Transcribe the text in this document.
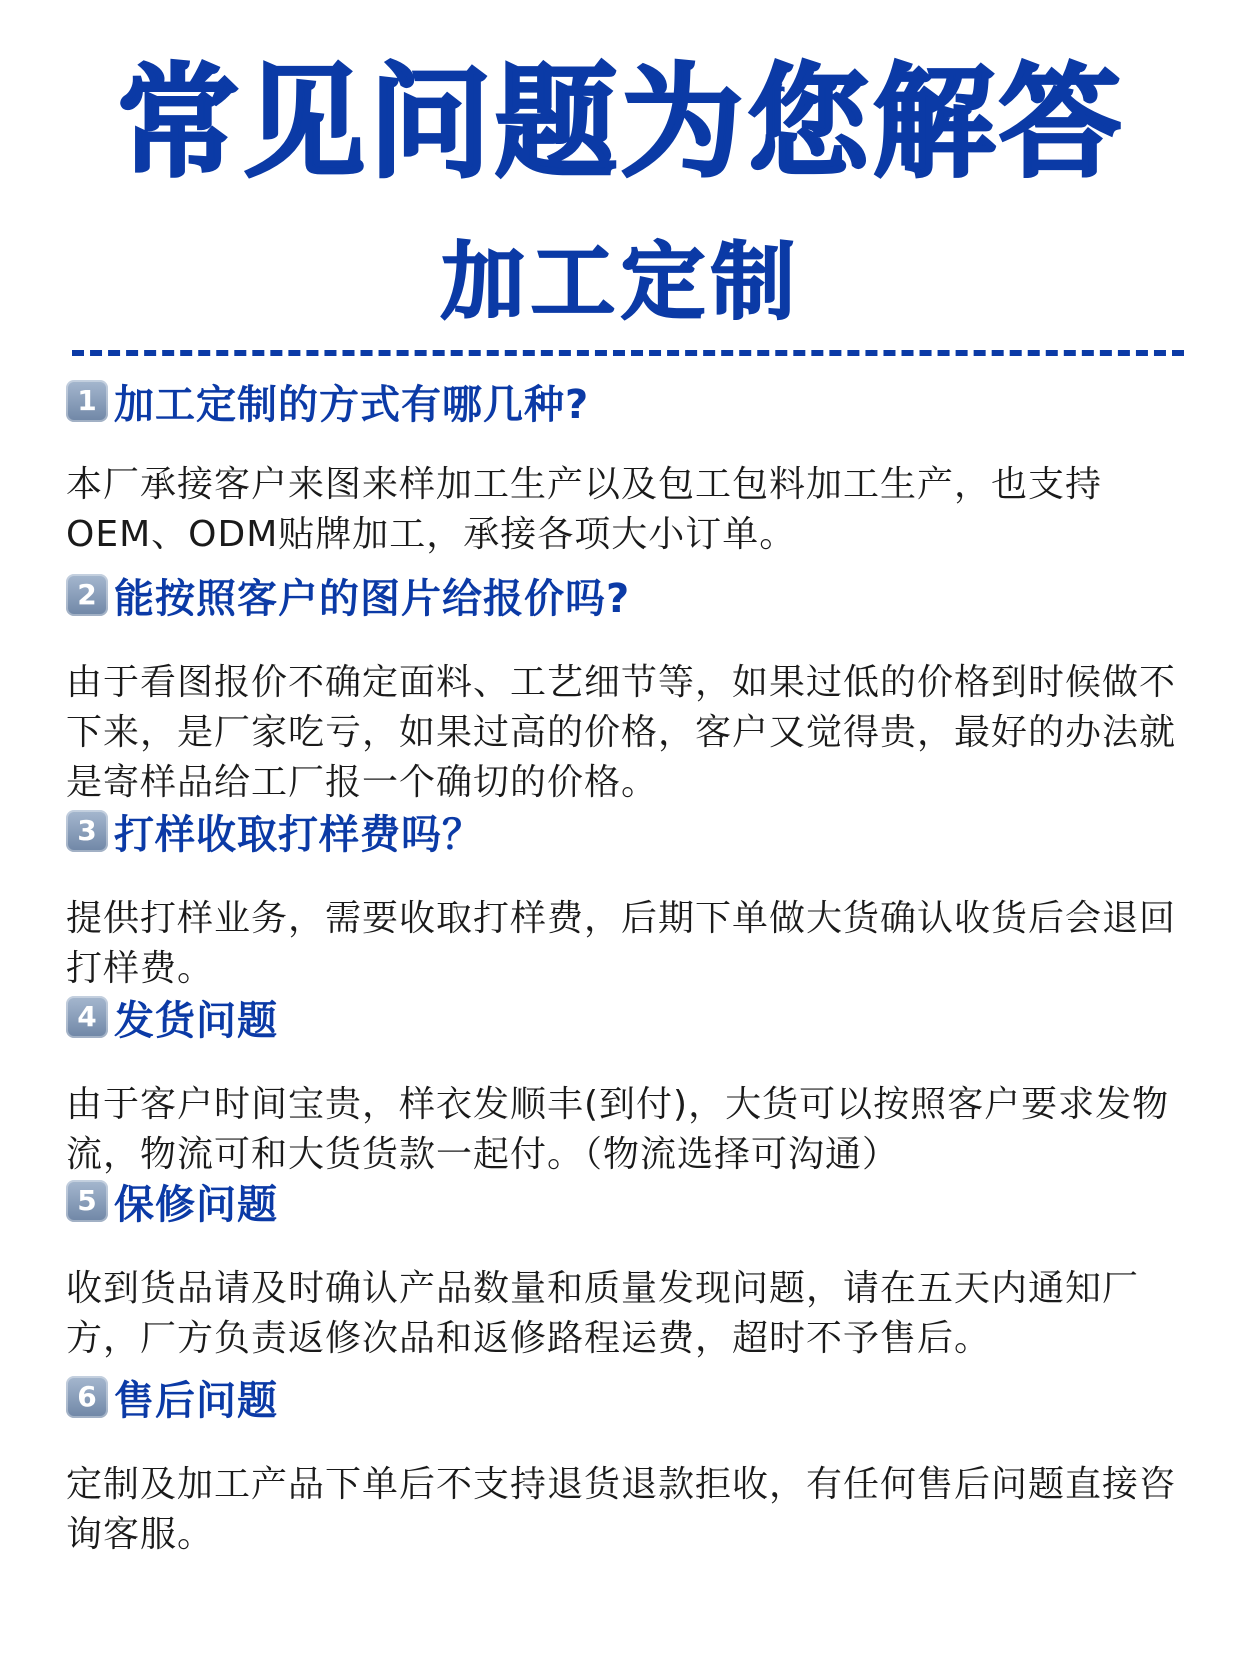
常见问题为您解答
加工定制
1 加工定制的方式有哪几种?
本厂承接客户来图来样加工生产以及包工包料加工生产，也支持OEM、ODM贴牌加工，承接各项大小订单。
2 能按照客户的图片给报价吗?
由于看图报价不确定面料、工艺细节等，如果过低的价格到时候做不下来，是厂家吃亏，如果过高的价格，客户又觉得贵，最好的办法就是寄样品给工厂报一个确切的价格。
3 打样收取打样费吗？
提供打样业务，需要收取打样费，后期下单做大货确认收货后会退回打样费。
4 发货问题
由于客户时间宝贵，样衣发顺丰(到付)，大货可以按照客户要求发物流，物流可和大货货款一起付。（物流选择可沟通）
5 保修问题
收到货品请及时确认产品数量和质量发现问题，请在五天内通知厂方，厂方负责返修次品和返修路程运费，超时不予售后。
6 售后问题
定制及加工产品下单后不支持退货退款拒收，有任何售后问题直接咨询客服。
